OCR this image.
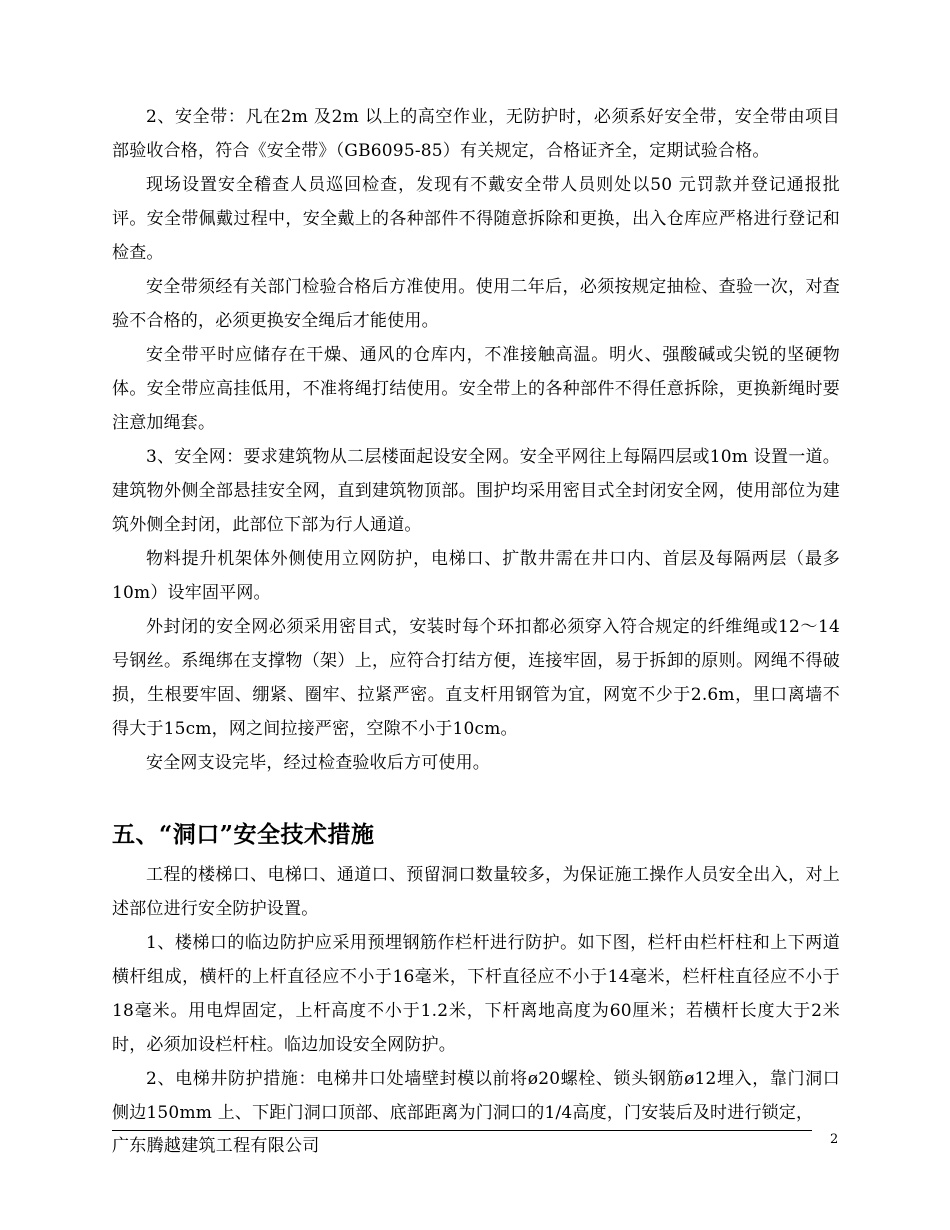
2、安全带：凡在2m 及2m 以上的高空作业，无防护时，必须系好安全带，安全带由项目部验收合格，符合《安全带》（GB6095-85）有关规定，合格证齐全，定期试验合格。

现场设置安全稽查人员巡回检查，发现有不戴安全带人员则处以50 元罚款并登记通报批评。安全带佩戴过程中，安全戴上的各种部件不得随意拆除和更换，出入仓库应严格进行登记和检查。

安全带须经有关部门检验合格后方准使用。使用二年后，必须按规定抽检、查验一次，对查验不合格的，必须更换安全绳后才能使用。

安全带平时应储存在干燥、通风的仓库内，不准接触高温。明火、强酸碱或尖锐的坚硬物体。安全带应高挂低用，不准将绳打结使用。安全带上的各种部件不得任意拆除，更换新绳时要注意加绳套。

3、安全网：要求建筑物从二层楼面起设安全网。安全平网往上每隔四层或10m 设置一道。建筑物外侧全部悬挂安全网，直到建筑物顶部。围护均采用密目式全封闭安全网，使用部位为建筑外侧全封闭，此部位下部为行人通道。

物料提升机架体外侧使用立网防护，电梯口、扩散井需在井口内、首层及每隔两层（最多10m）设牢固平网。

外封闭的安全网必须采用密目式，安装时每个环扣都必须穿入符合规定的纤维绳或12～14 号钢丝。系绳绑在支撑物（架）上，应符合打结方便，连接牢固，易于拆卸的原则。网绳不得破损，生根要牢固、绷紧、圈牢、拉紧严密。直支杆用钢管为宜，网宽不少于2.6m，里口离墙不得大于15cm，网之间拉接严密，空隙不小于10cm。

安全网支设完毕，经过检查验收后方可使用。

五、“洞口”安全技术措施

工程的楼梯口、电梯口、通道口、预留洞口数量较多，为保证施工操作人员安全出入，对上述部位进行安全防护设置。

1、楼梯口的临边防护应采用预埋钢筋作栏杆进行防护。如下图，栏杆由栏杆柱和上下两道横杆组成，横杆的上杆直径应不小于16毫米，下杆直径应不小于14毫米，栏杆柱直径应不小于18毫米。用电焊固定，上杆高度不小于1.2米，下杆离地高度为60厘米；若横杆长度大于2米时，必须加设栏杆柱。临边加设安全网防护。

2、电梯井防护措施：电梯井口处墙壁封模以前将ø20螺栓、锁头钢筋ø12埋入，靠门洞口侧边150mm 上、下距门洞口顶部、底部距离为门洞口的1/4高度，门安装后及时进行锁定，

广东腾越建筑工程有限公司	2
